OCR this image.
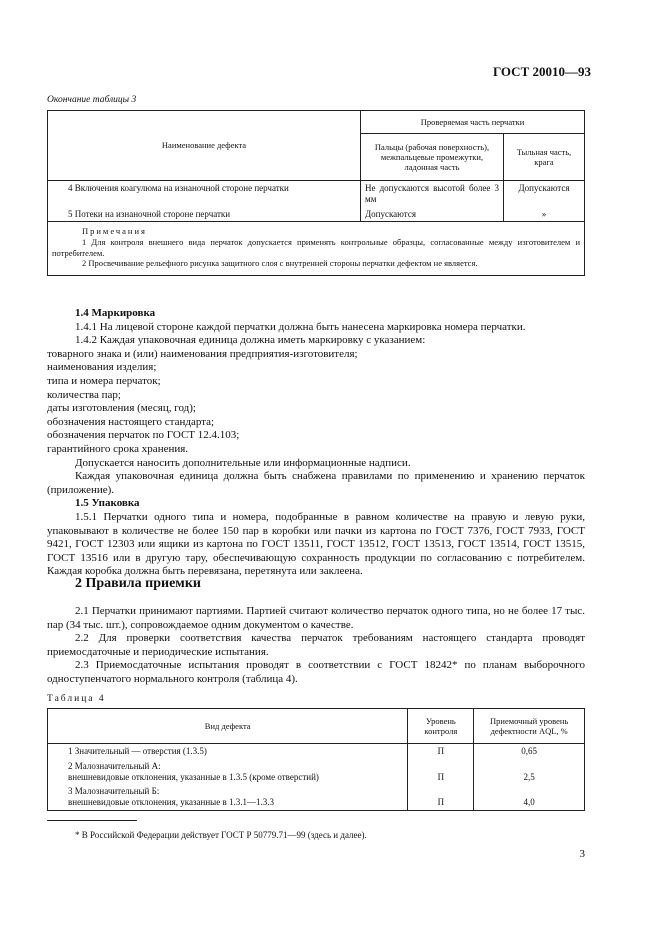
ГОСТ 20010—93
Окончание таблицы 3
Наименование дефекта	Проверяемая часть перчатки	
	Пальцы (рабочая поверхность), межпальцевые промежутки, ладонная часть	Тыльная часть, крага
4 Включения коагулюма на изнаночной стороне перчатки	Не допускаются высотой более 3 мм	Допускаются
5 Потеки на изнаночной стороне перчатки	Допускаются	»

Примечания
1 Для контроля внешнего вида перчаток допускается применять контрольные образцы, согласованные между изготовителем и потребителем.
2 Просвечивание рельефного рисунка защитного слоя с внутренней стороны перчатки дефектом не является.		

1.4 Маркировка

1.4.1 На лицевой стороне каждой перчатки должна быть нанесена маркировка номера перчатки.

1.4.2 Каждая упаковочная единица должна иметь маркировку с указанием:

товарного знака и (или) наименования предприятия-изготовителя;

наименования изделия;

типа и номера перчаток;

количества пар;

даты изготовления (месяц, год);

обозначения настоящего стандарта;

обозначения перчаток по ГОСТ 12.4.103;

гарантийного срока хранения.

Допускается наносить дополнительные или информационные надписи.

Каждая упаковочная единица должна быть снабжена правилами по применению и хранению перчаток (приложение).

1.5 Упаковка

1.5.1 Перчатки одного типа и номера, подобранные в равном количестве на правую и левую руки, упаковывают в количестве не более 150 пар в коробки или пачки из картона по ГОСТ 7376, ГОСТ 7933, ГОСТ 9421, ГОСТ 12303 или ящики из картона по ГОСТ 13511, ГОСТ 13512, ГОСТ 13513, ГОСТ 13514, ГОСТ 13515, ГОСТ 13516 или в другую тару, обеспечивающую сохранность продукции по согласованию с потребителем. Каждая коробка должна быть перевязана, перетянута или заклеена.

2 Правила приемки

2.1 Перчатки принимают партиями. Партией считают количество перчаток одного типа, но не более 17 тыс. пар (34 тыс. шт.), сопровождаемое одним документом о качестве.

2.2 Для проверки соответствия качества перчаток требованиям настоящего стандарта проводят приемосдаточные и периодические испытания.

2.3 Приемосдаточные испытания проводят в соответствии с ГОСТ 18242* по планам выборочного одноступенчатого нормального контроля (таблица 4).

Таблица 4
Вид дефекта	Уровень контроля	Приемочный уровень дефектности AQL, %
1 Значительный — отверстия (1.3.5)	П	0,65

2 Малозначительный А:
внешневидовые отклонения, указанные в 1.3.5 (кроме отверстий)	П	2,5

3 Малозначительный Б:
внешневидовые отклонения, указанные в 1.3.1—1.3.3	П	4,0
* В Российской Федерации действует ГОСТ Р 50779.71—99 (здесь и далее).
3
